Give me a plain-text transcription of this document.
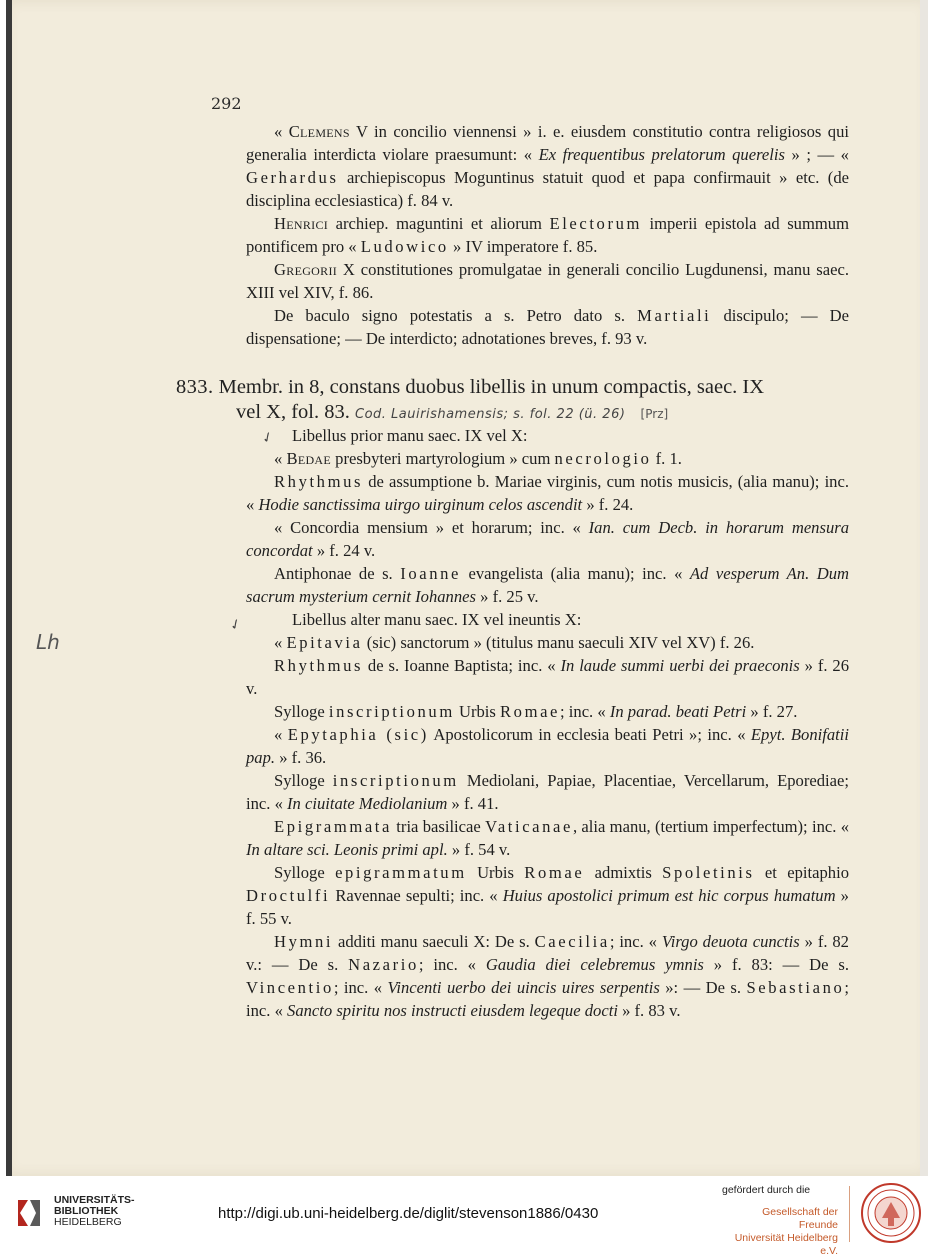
292

« Clemens V in concilio viennensi » i. e. eiusdem constitutio contra religiosos qui generalia interdicta violare praesumunt: « Ex frequentibus prelatorum querelis » ; — « Gerhardus archiepiscopus Moguntinus statuit quod et papa confirmauit » etc. (de disciplina ecclesiastica) f. 84 v.

Henrici archiep. maguntini et aliorum Electorum imperii epistola ad summum pontificem pro « Ludowico » IV imperatore f. 85.

Gregorii X constitutiones promulgatae in generali concilio Lugdunensi, manu saec. XIII vel XIV, f. 86.

De baculo signo potestatis a s. Petro dato s. Martiali discipulo; — De dispensatione; — De interdicto; adnotationes breves, f. 93 v.

833. Membr. in 8, constans duobus libellis in unum compactis, saec. IX
vel X, fol. 83. Cod. Lauirishamensis; s. fol. 22 (ü. 26) [Prz]
✓
✓
Lh

Libellus prior manu saec. IX vel X:

« Bedae presbyteri martyrologium » cum necrologio f. 1.

Rhythmus de assumptione b. Mariae virginis, cum notis musicis, (alia manu); inc. « Hodie sanctissima uirgo uirginum celos ascendit » f. 24.

« Concordia mensium » et horarum; inc. « Ian. cum Decb. in horarum mensura concordat » f. 24 v.

Antiphonae de s. Ioanne evangelista (alia manu); inc. « Ad vesperum An. Dum sacrum mysterium cernit Iohannes » f. 25 v.

Libellus alter manu saec. IX vel ineuntis X:

« Epitavia (sic) sanctorum » (titulus manu saeculi XIV vel XV) f. 26.

Rhythmus de s. Ioanne Baptista; inc. « In laude summi uerbi dei praeconis » f. 26 v.

Sylloge inscriptionum Urbis Romae; inc. « In parad. beati Petri » f. 27.

« Epytaphia (sic) Apostolicorum in ecclesia beati Petri »; inc. « Epyt. Bonifatii pap. » f. 36.

Sylloge inscriptionum Mediolani, Papiae, Placentiae, Vercellarum, Eporediae; inc. « In ciuitate Mediolanium » f. 41.

Epigrammata tria basilicae Vaticanae, alia manu, (tertium imperfectum); inc. « In altare sci. Leonis primi apl. » f. 54 v.

Sylloge epigrammatum Urbis Romae admixtis Spoletinis et epitaphio Droctulfi Ravennae sepulti; inc. « Huius apostolici primum est hic corpus humatum » f. 55 v.

Hymni additi manu saeculi X: De s. Caecilia; inc. « Virgo deuota cunctis » f. 82 v.: — De s. Nazario; inc. « Gaudia diei celebremus ymnis » f. 83: — De s. Vincentio; inc. « Vincenti uerbo dei uincis uires serpentis »: — De s. Sebastiano; inc. « Sancto spiritu nos instructi eiusdem legeque docti » f. 83 v.

UNIVERSITÄTS-
BIBLIOTHEK
HEIDELBERG	http://digi.ub.uni-heidelberg.de/diglit/stevenson1886/0430
gefördert durch die
Gesellschaft der Freunde
Universität Heidelberg e.V.
